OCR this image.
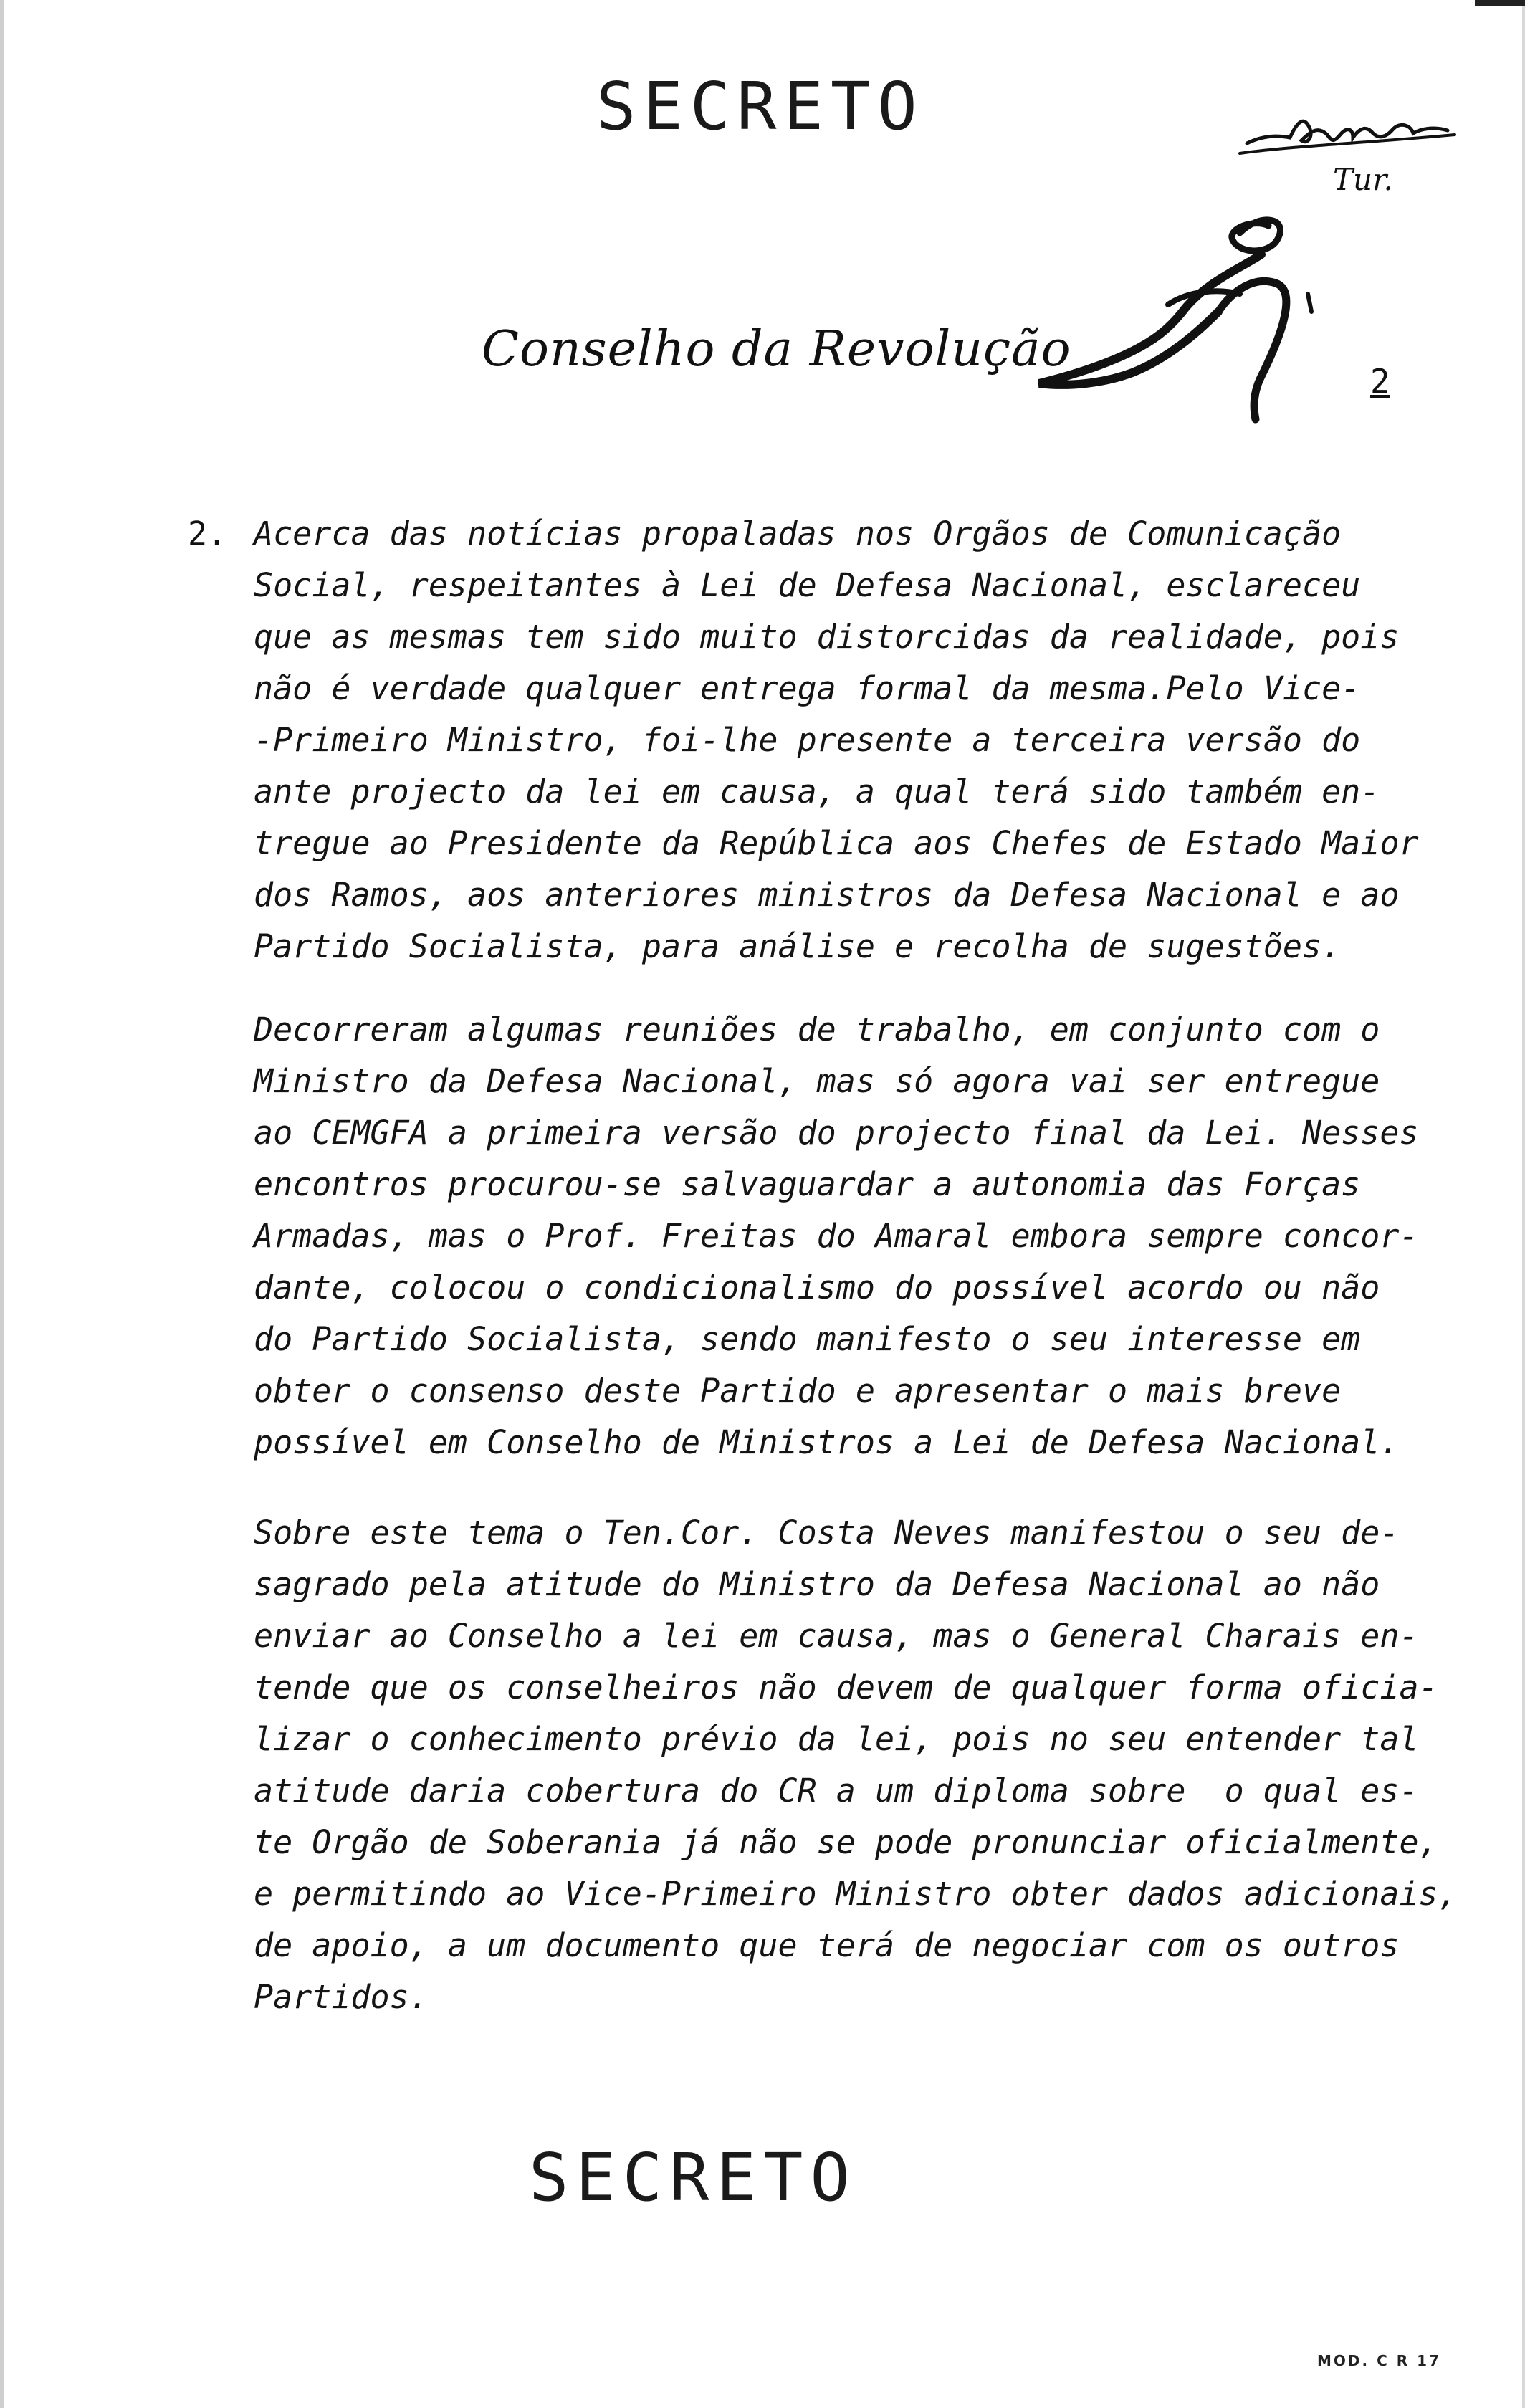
SECRETO
Tur.
Conselho da Revolução
2
2.

Acerca das notícias propaladas nos Orgãos de Comunicação

Social, respeitantes à Lei de Defesa Nacional, esclareceu

que as mesmas tem sido muito distorcidas da realidade, pois

não é verdade qualquer entrega formal da mesma.Pelo Vice-

-Primeiro Ministro, foi-lhe presente a terceira versão do

ante projecto da lei em causa, a qual terá sido também en-

tregue ao Presidente da República aos Chefes de Estado Maior

dos Ramos, aos anteriores ministros da Defesa Nacional e ao

Partido Socialista, para análise e recolha de sugestões.

Decorreram algumas reuniões de trabalho, em conjunto com o

Ministro da Defesa Nacional, mas só agora vai ser entregue

ao CEMGFA a primeira versão do projecto final da Lei. Nesses

encontros procurou-se salvaguardar a autonomia das Forças

Armadas, mas o Prof. Freitas do Amaral embora sempre concor-

dante, colocou o condicionalismo do possível acordo ou não

do Partido Socialista, sendo manifesto o seu interesse em

obter o consenso deste Partido e apresentar o mais breve

possível em Conselho de Ministros a Lei de Defesa Nacional.

Sobre este tema o Ten.Cor. Costa Neves manifestou o seu de-

sagrado pela atitude do Ministro da Defesa Nacional ao não

enviar ao Conselho a lei em causa, mas o General Charais en-

tende que os conselheiros não devem de qualquer forma oficia-

lizar o conhecimento prévio da lei, pois no seu entender tal

atitude daria cobertura do CR a um diploma sobre  o qual es-

te Orgão de Soberania já não se pode pronunciar oficialmente,

e permitindo ao Vice-Primeiro Ministro obter dados adicionais,

de apoio, a um documento que terá de negociar com os outros

Partidos.

SECRETO
MOD. C R 17
